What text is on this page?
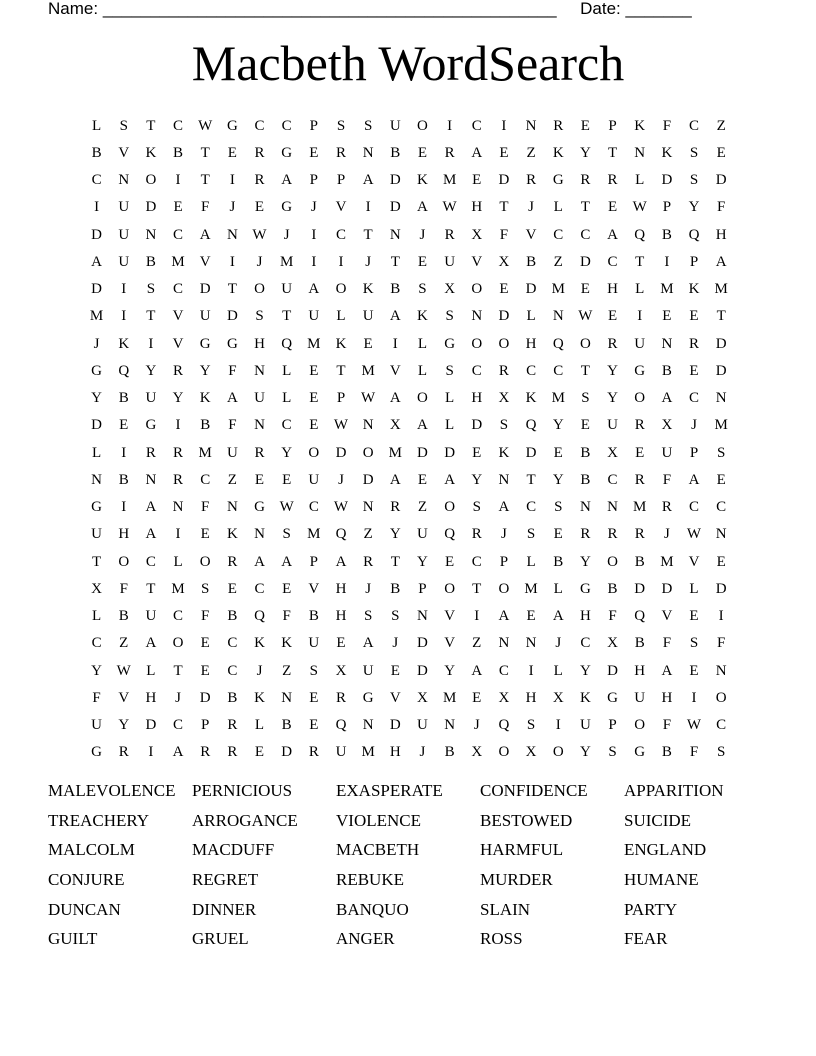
Name: ________________________________________________ Date: _______
Macbeth WordSearch
L	S	T	C	W G	C	C	P	S	S	U	O	I	C	I	N	R	E	P	K	F	C	Z
B	V	K	B	T	E	R	G	E	R	N	B	E	R	A	E	Z	K	Y	T	N	K	S	E
C	N	O	I	T	I	R	A	P	P	A	D	K	M	E	D	R	G	R	R	L	D	S	D
I	U	D	E	F	J	E	G	J	V	I	D	A W H	T	J	L	T	E	W	P	Y	F
D	U	N	C	A	N W	J	I	C	T	N	J	R	X	F	V	C	C	A	Q	B	Q	H
A	U	B	M	V	I	J	M	I	I	J	T	E	U	V	X	B	Z	D	C	T	I	P	A
D	I	S	C	D	T	O	U	A	O	K	B	S	X	O	E	D	M	E	H	L	M	K	M
M	I	T	V	U	D	S	T	U	L	U	A	K	S	N	D	L	N W	E	I	E	E	T
J	K	I	V	G	G	H	Q	M	K	E	I	L	G	O	O	H	Q	O	R	U	N	R	D
G	Q	Y	R	Y	F	N	L	E	T	M	V	L	S	C	R	C	C	T	Y	G	B	E	D
Y	B	U	Y	K	A	U	L	E	P	W A	O	L	H	X	K	M	S	Y	O	A	C	N
D	E	G	I	B	F	N	C	E	W N	X	A	L	D	S	Q	Y	E	U	R	X	J	M
L	I	R	R	M	U	R	Y	O	D	O	M	D	D	E	K	D	E	B	X	E	U	P	S
N	B	N	R	C	Z	E	E	U	J	D	A	E	A	Y	N	T	Y	B	C	R	F	A	E
G	I	A	N	F	N	G W	C	W N	R	Z	O	S	A	C	S	N	N	M	R	C	C
U	H	A	I	E	K	N	S	M	Q	Z	Y	U	Q	R	J	S	E	R	R	R	J	W N
T	O	C	L	O	R	A	A	P	A	R	T	Y	E	C	P	L	B	Y	O	B	M	V	E
X	F	T	M	S	E	C	E	V	H	J	B	P	O	T	O	M	L	G	B	D	D	L	D
L	B	U	C	F	B	Q	F	B	H	S	S	N	V	I	A	E	A	H	F	Q	V	E	I
C	Z	A	O	E	C	K	K	U	E	A	J	D	V	Z	N	N	J	C	X	B	F	S	F
Y W	L	T	E	C	J	Z	S	X	U	E	D	Y	A	C	I	L	Y	D	H	A	E	N
F	V	H	J	D	B	K	N	E	R	G	V	X	M	E	X	H	X	K	G	U	H	I	O
U	Y	D	C	P	R	L	B	E	Q	N	D	U	N	J	Q	S	I	U	P	O	F	W	C
G	R	I	A	R	R	E	D	R	U	M	H	J	B	X	O	X	O	Y	S	G	B	F	S
MALEVOLENCE PERNICIOUS	EXASPERATE	CONFIDENCE	APPARITION
TREACHERY	ARROGANCE	VIOLENCE	BESTOWED	SUICIDE
MALCOLM	MACDUFF	MACBETH	HARMFUL	ENGLAND
CONJURE	REGRET	REBUKE	MURDER	HUMANE
DUNCAN	DINNER	BANQUO	SLAIN	PARTY
GUILT	GRUEL	ANGER	ROSS	FEAR
